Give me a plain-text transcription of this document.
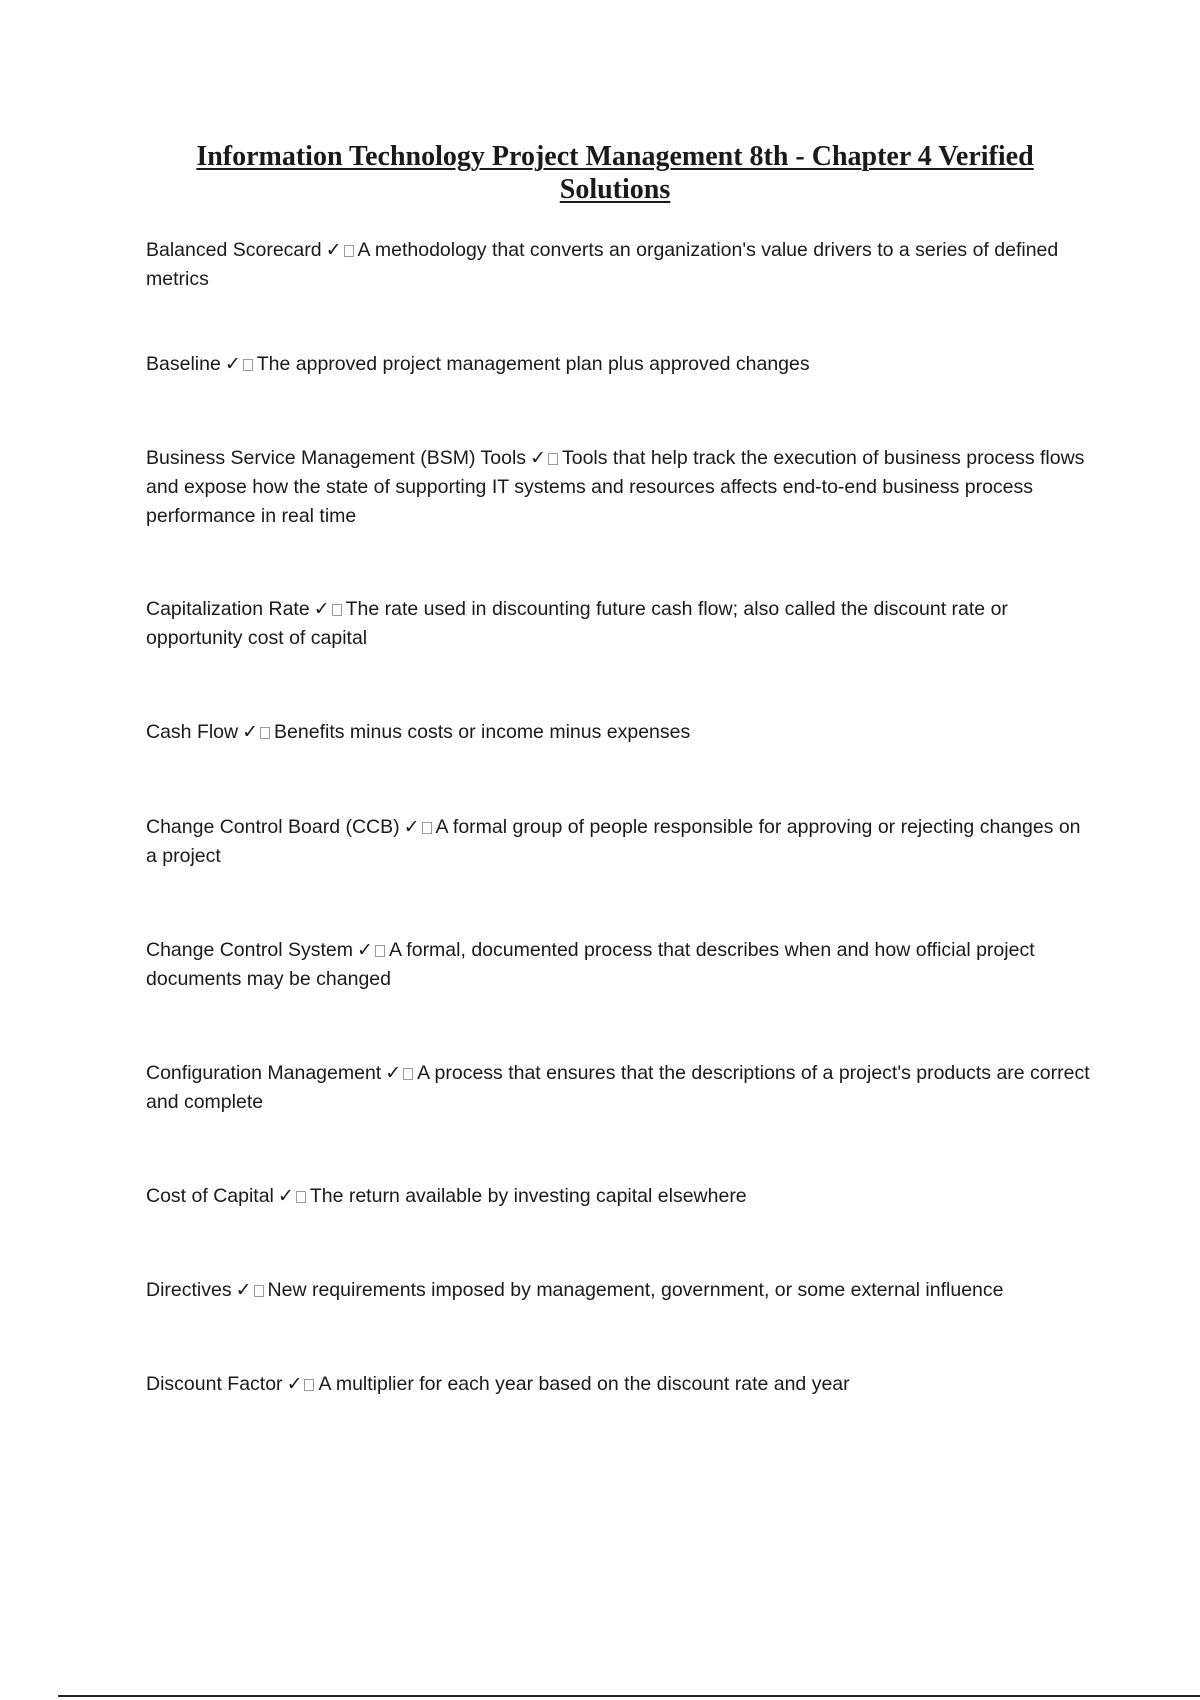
Information Technology Project Management 8th - Chapter 4 Verified Solutions
Balanced Scorecard ✓ A methodology that converts an organization's value drivers to a series of defined metrics
Baseline ✓ The approved project management plan plus approved changes
Business Service Management (BSM) Tools ✓ Tools that help track the execution of business process flows and expose how the state of supporting IT systems and resources affects end-to-end business process performance in real time
Capitalization Rate ✓ The rate used in discounting future cash flow; also called the discount rate or opportunity cost of capital
Cash Flow ✓ Benefits minus costs or income minus expenses
Change Control Board (CCB) ✓ A formal group of people responsible for approving or rejecting changes on a project
Change Control System ✓ A formal, documented process that describes when and how official project documents may be changed
Configuration Management ✓ A process that ensures that the descriptions of a project's products are correct and complete
Cost of Capital ✓ The return available by investing capital elsewhere
Directives ✓ New requirements imposed by management, government, or some external influence
Discount Factor ✓ A multiplier for each year based on the discount rate and year
